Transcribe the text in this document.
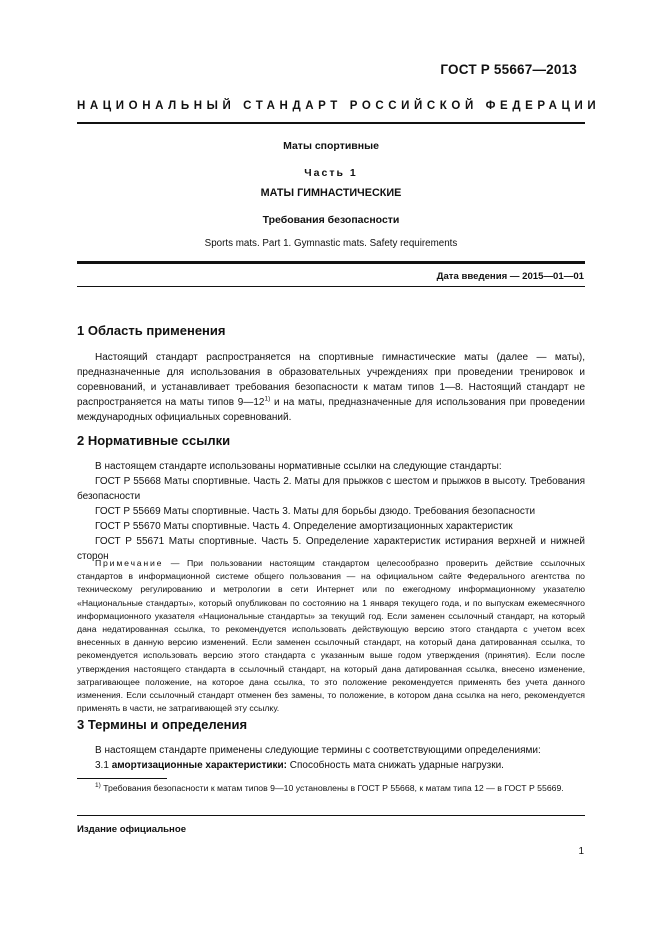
ГОСТ Р 55667—2013
НАЦИОНАЛЬНЫЙ СТАНДАРТ РОССИЙСКОЙ ФЕДЕРАЦИИ
Маты спортивные
Часть 1
МАТЫ ГИМНАСТИЧЕСКИЕ
Требования безопасности
Sports mats. Part 1. Gymnastic mats. Safety requirements
Дата введения — 2015—01—01
1 Область применения
Настоящий стандарт распространяется на спортивные гимнастические маты (далее — маты), предназначенные для использования в образовательных учреждениях при проведении тренировок и соревнований, и устанавливает требования безопасности к матам типов 1—8. Настоящий стандарт не распространяется на маты типов 9—12$^{1)}$ и на маты, предназначенные для использования при проведении международных официальных соревнований.
2 Нормативные ссылки
В настоящем стандарте использованы нормативные ссылки на следующие стандарты:
ГОСТ Р 55668 Маты спортивные. Часть 2. Маты для прыжков с шестом и прыжков в высоту. Требования безопасности
ГОСТ Р 55669 Маты спортивные. Часть 3. Маты для борьбы дзюдо. Требования безопасности
ГОСТ Р 55670 Маты спортивные. Часть 4. Определение амортизационных характеристик
ГОСТ Р 55671 Маты спортивные. Часть 5. Определение характеристик истирания верхней и нижней сторон
Примечание — При пользовании настоящим стандартом целесообразно проверить действие ссылочных стандартов в информационной системе общего пользования — на официальном сайте Федерального агентства по техническому регулированию и метрологии в сети Интернет или по ежегодному информационному указателю «Национальные стандарты», который опубликован по состоянию на 1 января текущего года, и по выпускам ежемесячного информационного указателя «Национальные стандарты» за текущий год. Если заменен ссылочный стандарт, на который дана недатированная ссылка, то рекомендуется использовать действующую версию этого стандарта с учетом всех внесенных в данную версию изменений. Если заменен ссылочный стандарт, на который дана датированная ссылка, то рекомендуется использовать версию этого стандарта с указанным выше годом утверждения (принятия). Если после утверждения настоящего стандарта в ссылочный стандарт, на который дана датированная ссылка, внесено изменение, затрагивающее положение, на которое дана ссылка, то это положение рекомендуется применять без учета данного изменения. Если ссылочный стандарт отменен без замены, то положение, в котором дана ссылка на него, рекомендуется применять в части, не затрагивающей эту ссылку.
3 Термины и определения
В настоящем стандарте применены следующие термины с соответствующими определениями:
3.1 амортизационные характеристики: Способность мата снижать ударные нагрузки.
$^{1)}$ Требования безопасности к матам типов 9—10 установлены в ГОСТ Р 55668, к матам типа 12 — в ГОСТ Р 55669.
Издание официальное
1
